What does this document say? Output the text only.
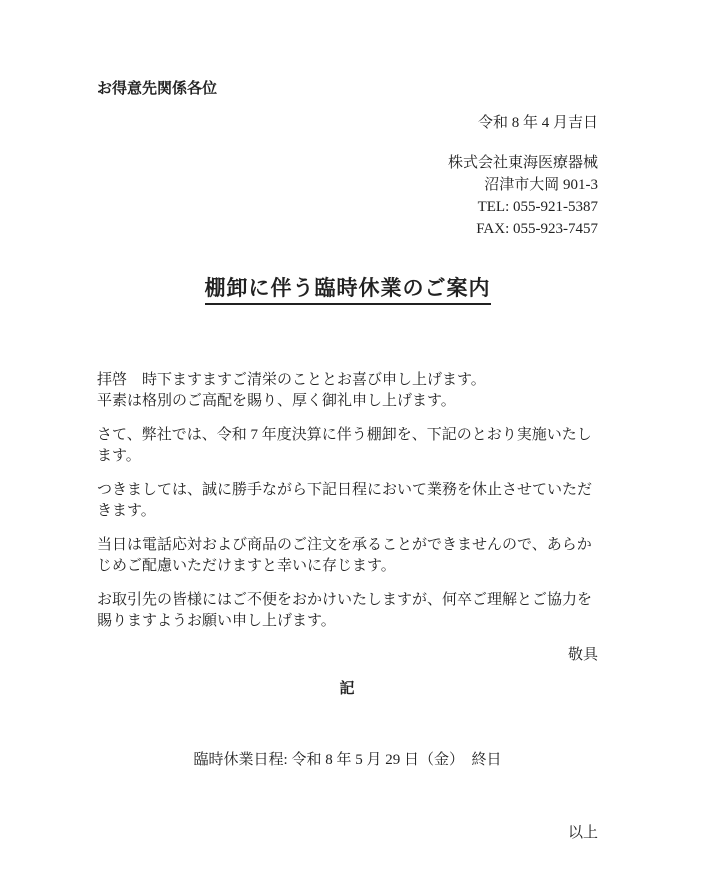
お得意先関係各位
令和 8 年 4 月吉日
株式会社東海医療器械
沼津市大岡 901-3
TEL: 055-921-5387
FAX: 055-923-7457
棚卸に伴う臨時休業のご案内

拝啓　時下ますますご清栄のこととお喜び申し上げます。

平素は格別のご高配を賜り、厚く御礼申し上げます。

さて、弊社では、令和 7 年度決算に伴う棚卸を、下記のとおり実施いたします。

つきましては、誠に勝手ながら下記日程において業務を休止させていただきます。

当日は電話応対および商品のご注文を承ることができませんので、あらかじめご配慮いただけますと幸いに存じます。

お取引先の皆様にはご不便をおかけいたしますが、何卒ご理解とご協力を賜りますようお願い申し上げます。

敬具
記
臨時休業日程: 令和 8 年 5 月 29 日（金）　終日
以上
